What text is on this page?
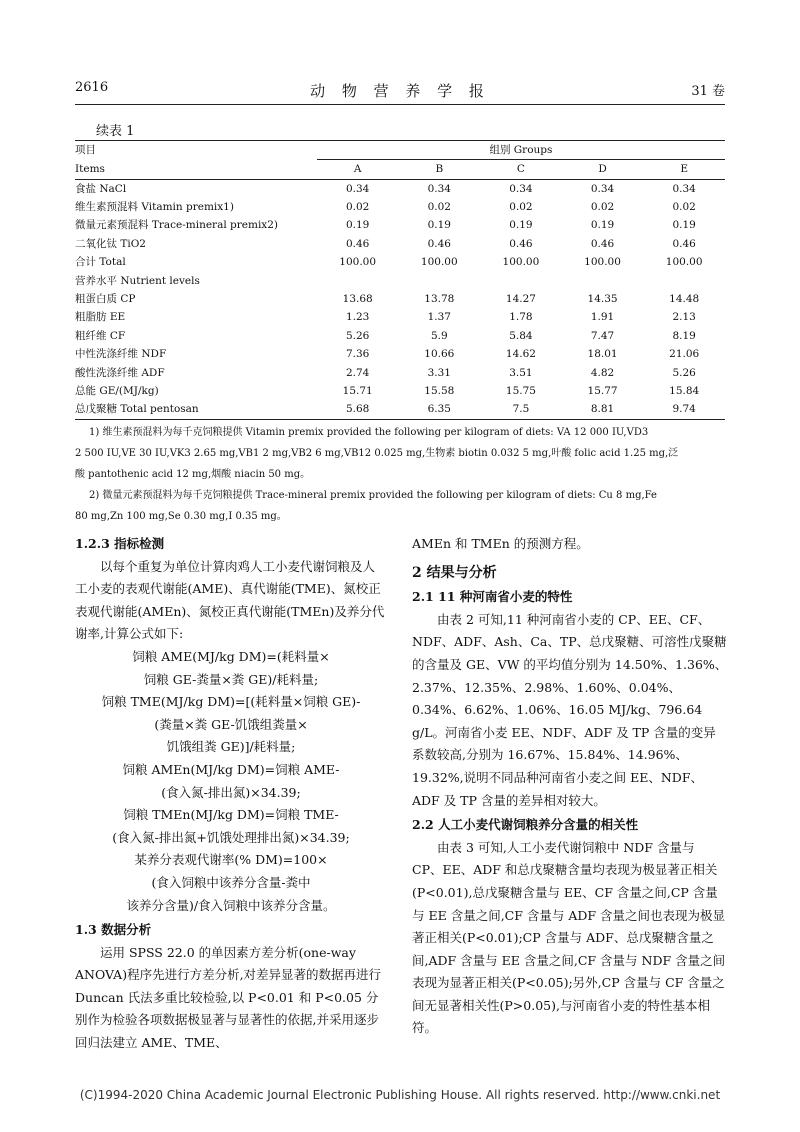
2616	动 物 营 养 学 报	31 卷
续表 1
项目	组别 Groups				
Items	A	B	C	D	E
食盐 NaCl	0.34	0.34	0.34	0.34	0.34
维生素预混料 Vitamin premix1)	0.02	0.02	0.02	0.02	0.02
微量元素预混料 Trace-mineral premix2)	0.19	0.19	0.19	0.19	0.19
二氧化钛 TiO2	0.46	0.46	0.46	0.46	0.46
合计 Total	100.00	100.00	100.00	100.00	100.00
营养水平 Nutrient levels					
粗蛋白质 CP	13.68	13.78	14.27	14.35	14.48
粗脂肪 EE	1.23	1.37	1.78	1.91	2.13
粗纤维 CF	5.26	5.9	5.84	7.47	8.19
中性洗涤纤维 NDF	7.36	10.66	14.62	18.01	21.06
酸性洗涤纤维 ADF	2.74	3.31	3.51	4.82	5.26
总能 GE/(MJ/kg)	15.71	15.58	15.75	15.77	15.84
总戊聚糖 Total pentosan	5.68	6.35	7.5	8.81	9.74
1) 维生素预混料为每千克饲粮提供 Vitamin premix provided the following per kilogram of diets: VA 12 000 IU,VD3
2 500 IU,VE 30 IU,VK3 2.65 mg,VB1 2 mg,VB2 6 mg,VB12 0.025 mg,生物素 biotin 0.032 5 mg,叶酸 folic acid 1.25 mg,泛
酸 pantothenic acid 12 mg,烟酸 niacin 50 mg。
2) 微量元素预混料为每千克饲粮提供 Trace-mineral premix provided the following per kilogram of diets: Cu 8 mg,Fe
80 mg,Zn 100 mg,Se 0.30 mg,I 0.35 mg。

1.2.3 指标检测

以每个重复为单位计算肉鸡人工小麦代谢饲粮及人工小麦的表观代谢能(AME)、真代谢能(TME)、氮校正表观代谢能(AMEn)、氮校正真代谢能(TMEn)及养分代谢率,计算公式如下:

饲粮 AME(MJ/kg DM)=(耗料量×

饲粮 GE-粪量×粪 GE)/耗料量;

饲粮 TME(MJ/kg DM)=[(耗料量×饲粮 GE)-

(粪量×粪 GE-饥饿组粪量×

饥饿组粪 GE)]/耗料量;

饲粮 AMEn(MJ/kg DM)=饲粮 AME-

(食入氮-排出氮)×34.39;

饲粮 TMEn(MJ/kg DM)=饲粮 TME-

(食入氮-排出氮+饥饿处理排出氮)×34.39;

某养分表观代谢率(% DM)=100×

(食入饲粮中该养分含量-粪中

该养分含量)/食入饲粮中该养分含量。

1.3 数据分析

运用 SPSS 22.0 的单因素方差分析(one-way ANOVA)程序先进行方差分析,对差异显著的数据再进行 Duncan 氏法多重比较检验,以 P<0.01 和 P<0.05 分别作为检验各项数据极显著与显著性的依据,并采用逐步回归法建立 AME、TME、

AMEn 和 TMEn 的预测方程。

2 结果与分析

2.1 11 种河南省小麦的特性

由表 2 可知,11 种河南省小麦的 CP、EE、CF、NDF、ADF、Ash、Ca、TP、总戊聚糖、可溶性戊聚糖的含量及 GE、VW 的平均值分别为 14.50%、1.36%、2.37%、12.35%、2.98%、1.60%、0.04%、0.34%、6.62%、1.06%、16.05 MJ/kg、796.64 g/L。河南省小麦 EE、NDF、ADF 及 TP 含量的变异系数较高,分别为 16.67%、15.84%、14.96%、19.32%,说明不同品种河南省小麦之间 EE、NDF、ADF 及 TP 含量的差异相对较大。

2.2 人工小麦代谢饲粮养分含量的相关性

由表 3 可知,人工小麦代谢饲粮中 NDF 含量与 CP、EE、ADF 和总戊聚糖含量均表现为极显著正相关(P<0.01),总戊聚糖含量与 EE、CF 含量之间,CP 含量与 EE 含量之间,CF 含量与 ADF 含量之间也表现为极显著正相关(P<0.01);CP 含量与 ADF、总戊聚糖含量之间,ADF 含量与 EE 含量之间,CF 含量与 NDF 含量之间表现为显著正相关(P<0.05);另外,CP 含量与 CF 含量之间无显著相关性(P>0.05),与河南省小麦的特性基本相符。

(C)1994-2020 China Academic Journal Electronic Publishing House. All rights reserved. http://www.cnki.net
